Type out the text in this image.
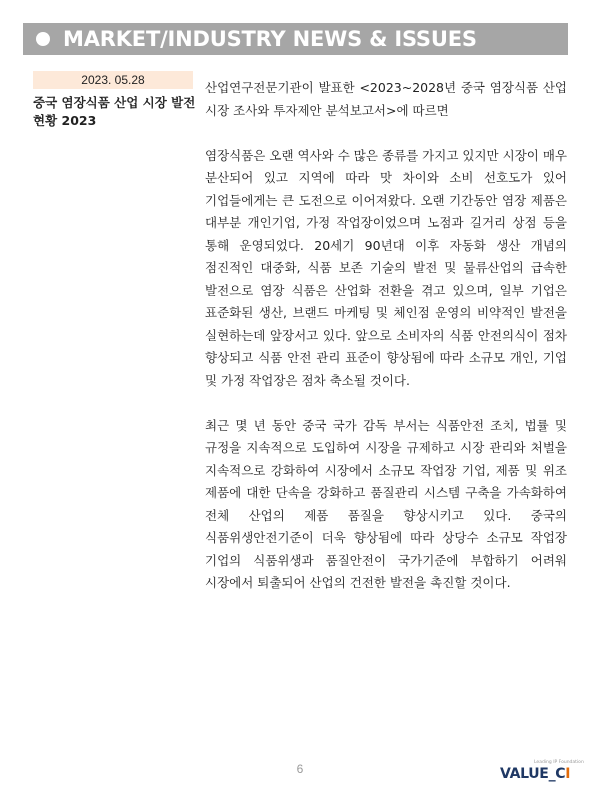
MARKET/INDUSTRY NEWS & ISSUES
2023. 05.28
중국 염장식품 산업 시장 발전현황 2023

산업연구전문기관이 발표한 <2023~2028년 중국 염장식품 산업 시장 조사와 투자제안 분석보고서>에 따르면

염장식품은 오랜 역사와 수 많은 종류를 가지고 있지만 시장이 매우 분산되어 있고 지역에 따라 맛 차이와 소비 선호도가 있어 기업들에게는 큰 도전으로 이어져왔다. 오랜 기간동안 염장 제품은 대부분 개인기업, 가정 작업장이었으며 노점과 길거리 상점 등을 통해 운영되었다. 20세기 90년대 이후 자동화 생산 개념의 점진적인 대중화, 식품 보존 기술의 발전 및 물류산업의 급속한 발전으로 염장 식품은 산업화 전환을 겪고 있으며, 일부 기업은 표준화된 생산, 브랜드 마케팅 및 체인점 운영의 비약적인 발전을 실현하는데 앞장서고 있다. 앞으로 소비자의 식품 안전의식이 점차 향상되고 식품 안전 관리 표준이 향상됨에 따라 소규모 개인, 기업 및 가정 작업장은 점차 축소될 것이다.

최근 몇 년 동안 중국 국가 감독 부서는 식품안전 조치, 법률 및 규정을 지속적으로 도입하여 시장을 규제하고 시장 관리와 처벌을 지속적으로 강화하여 시장에서 소규모 작업장 기업, 제품 및 위조 제품에 대한 단속을 강화하고 품질관리 시스템 구축을 가속화하여 전체 산업의 제품 품질을 향상시키고 있다. 중국의 식품위생안전기준이 더욱 향상됨에 따라 상당수 소규모 작업장 기업의 식품위생과 품질안전이 국가기준에 부합하기 어려워 시장에서 퇴출되어 산업의 건전한 발전을 촉진할 것이다.

6	Leading IP Foundation
VALUE_CI
